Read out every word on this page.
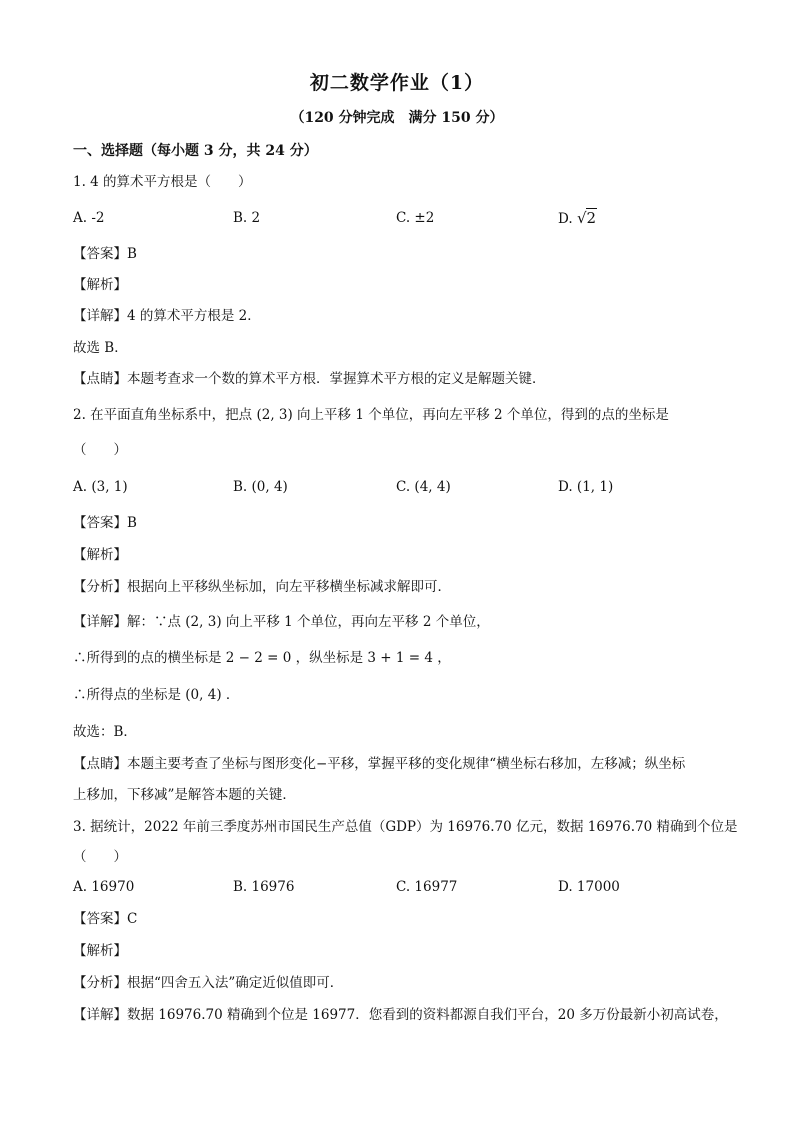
初二数学作业（1）
（120 分钟完成　满分 150 分）
一、选择题（每小题 3 分，共 24 分）
1. 4 的算术平方根是（　　）
A. -2	B. 2	C. ±2	D. √2
【答案】B
【解析】
【详解】4 的算术平方根是 2．
故选 B．
【点睛】本题考查求一个数的算术平方根．掌握算术平方根的定义是解题关键．
2. 在平面直角坐标系中，把点 (2, 3) 向上平移 1 个单位，再向左平移 2 个单位，得到的点的坐标是
（　　）
A. (3, 1)	B. (0, 4)	C. (4, 4)	D. (1, 1)
【答案】B
【解析】
【分析】根据向上平移纵坐标加，向左平移横坐标减求解即可．
【详解】解：∵点 (2, 3) 向上平移 1 个单位，再向左平移 2 个单位，
∴所得到的点的横坐标是 2 − 2 = 0 ，纵坐标是 3 + 1 = 4 ，
∴所得点的坐标是 (0, 4) ．
故选：B．
【点睛】本题主要考查了坐标与图形变化−平移，掌握平移的变化规律“横坐标右移加，左移减；纵坐标
上移加，下移减”是解答本题的关键．
3. 据统计，2022 年前三季度苏州市国民生产总值（GDP）为 16976.70 亿元，数据 16976.70 精确到个位是
（　　）
A. 16970	B. 16976	C. 16977	D. 17000
【答案】C
【解析】
【分析】根据“四舍五入法”确定近似值即可．
【详解】数据 16976.70 精确到个位是 16977．您看到的资料都源自我们平台，20 多万份最新小初高试卷，
